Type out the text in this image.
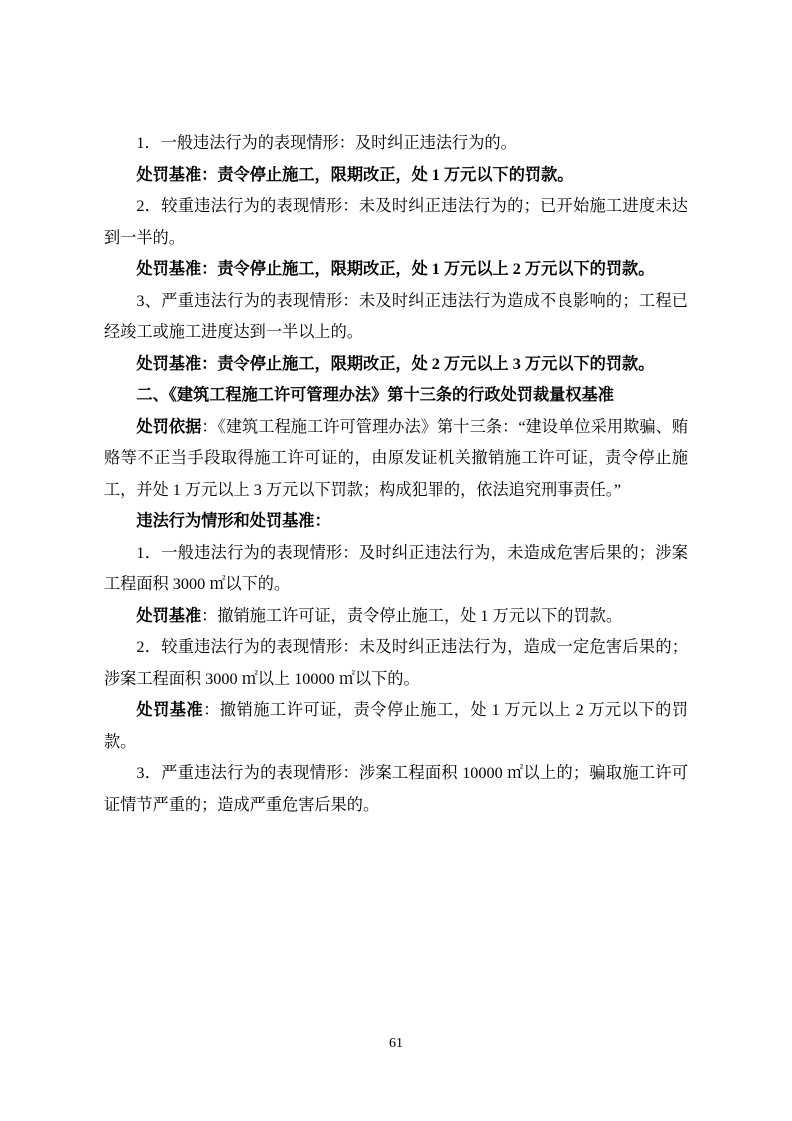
1．一般违法行为的表现情形：及时纠正违法行为的。

处罚基准：责令停止施工，限期改正，处 1 万元以下的罚款。

2．较重违法行为的表现情形：未及时纠正违法行为的；已开始施工进度未达到一半的。

处罚基准：责令停止施工，限期改正，处 1 万元以上 2 万元以下的罚款。

3、严重违法行为的表现情形：未及时纠正违法行为造成不良影响的；工程已经竣工或施工进度达到一半以上的。

处罚基准：责令停止施工，限期改正，处 2 万元以上 3 万元以下的罚款。

二、《建筑工程施工许可管理办法》第十三条的行政处罚裁量权基准

处罚依据：《建筑工程施工许可管理办法》第十三条：“建设单位采用欺骗、贿赂等不正当手段取得施工许可证的，由原发证机关撤销施工许可证，责令停止施工，并处 1 万元以上 3 万元以下罚款；构成犯罪的，依法追究刑事责任。”

违法行为情形和处罚基准：

1．一般违法行为的表现情形：及时纠正违法行为，未造成危害后果的；涉案工程面积 3000 ㎡以下的。

处罚基准：撤销施工许可证，责令停止施工，处 1 万元以下的罚款。

2．较重违法行为的表现情形：未及时纠正违法行为，造成一定危害后果的；涉案工程面积 3000 ㎡以上 10000 ㎡以下的。

处罚基准：撤销施工许可证，责令停止施工，处 1 万元以上 2 万元以下的罚款。

3．严重违法行为的表现情形：涉案工程面积 10000 ㎡以上的；骗取施工许可证情节严重的；造成严重危害后果的。

61
